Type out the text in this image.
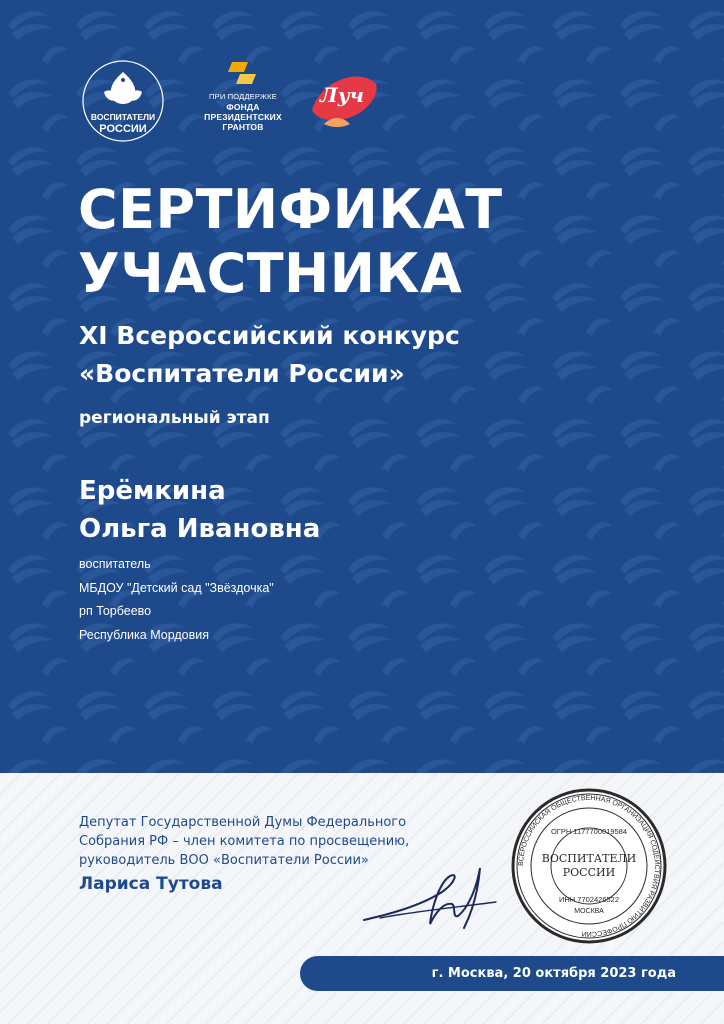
ВОСПИТАТЕЛИ
РОССИИ
ПРИ ПОДДЕРЖКЕ
ФОНДА
ПРЕЗИДЕНТСКИХ
ГРАНТОВ
Луч
СЕРТИФИКАТ
УЧАСТНИКА
XI Всероссийский конкурс
«Воспитатели России»
региональный этап
Ерёмкина
Ольга Ивановна
воспитатель
МБДОУ "Детский сад "Звёздочка"
рп Торбеево
Республика Мордовия
Депутат Государственной Думы Федерального
Собрания РФ – член комитета по просвещению,
руководитель ВОО «Воспитатели России»
Лариса Тутова
ВСЕРОССИЙСКАЯ ОБЩЕСТВЕННАЯ ОРГАНИЗАЦИЯ СОДЕЙСТВИЯ РАЗВИТИЮ ПРОФЕССИИ
ОГРН 1177700019584
ВОСПИТАТЕЛИ
РОССИИ
ИНН 7702426522
МОСКВА
г. Москва, 20 октября 2023 года
